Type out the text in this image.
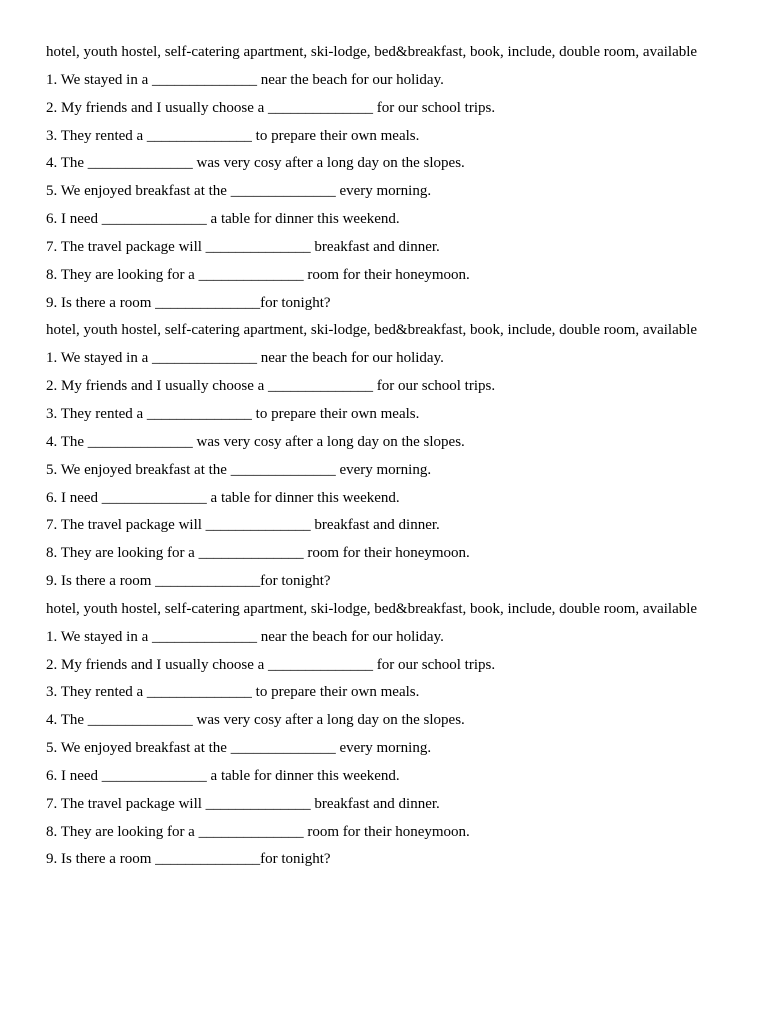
hotel, youth hostel, self-catering apartment, ski-lodge, bed&breakfast, book, include, double room, available
1. We stayed in a ______________ near the beach for our holiday.
2. My friends and I usually choose a ______________ for our school trips.
3. They rented a ______________ to prepare their own meals.
4. The ______________ was very cosy after a long day on the slopes.
5. We enjoyed breakfast at the ______________ every morning.
6. I need ______________ a table for dinner this weekend.
7. The travel package will ______________ breakfast and dinner.
8. They are looking for a ______________ room for their honeymoon.
9. Is there a room ______________for tonight?
hotel, youth hostel, self-catering apartment, ski-lodge, bed&breakfast, book, include, double room, available
1. We stayed in a ______________ near the beach for our holiday.
2. My friends and I usually choose a ______________ for our school trips.
3. They rented a ______________ to prepare their own meals.
4. The ______________ was very cosy after a long day on the slopes.
5. We enjoyed breakfast at the ______________ every morning.
6. I need ______________ a table for dinner this weekend.
7. The travel package will ______________ breakfast and dinner.
8. They are looking for a ______________ room for their honeymoon.
9. Is there a room ______________for tonight?
hotel, youth hostel, self-catering apartment, ski-lodge, bed&breakfast, book, include, double room, available
1. We stayed in a ______________ near the beach for our holiday.
2. My friends and I usually choose a ______________ for our school trips.
3. They rented a ______________ to prepare their own meals.
4. The ______________ was very cosy after a long day on the slopes.
5. We enjoyed breakfast at the ______________ every morning.
6. I need ______________ a table for dinner this weekend.
7. The travel package will ______________ breakfast and dinner.
8. They are looking for a ______________ room for their honeymoon.
9. Is there a room ______________for tonight?
